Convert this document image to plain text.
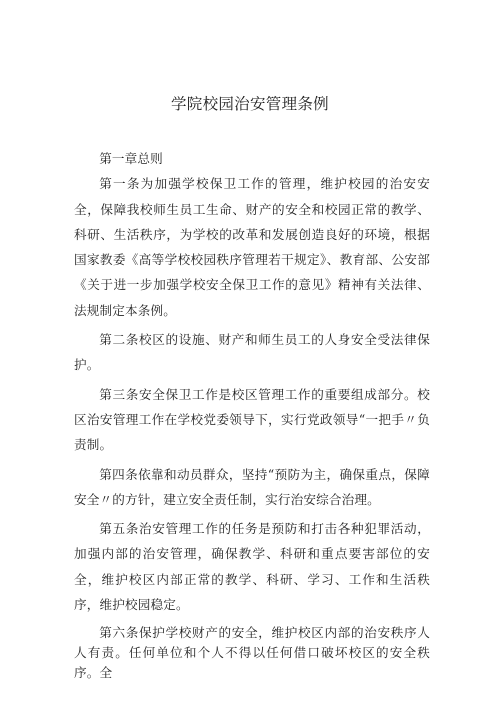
学院校园治安管理条例

第一章总则

第一条为加强学校保卫工作的管理，维护校园的治安安全，保障我校师生员工生命、财产的安全和校园正常的教学、科研、生活秩序，为学校的改革和发展创造良好的环境，根据国家教委《高等学校校园秩序管理若干规定》、教育部、公安部《关于进一步加强学校安全保卫工作的意见》精神有关法律、法规制定本条例。

第二条校区的设施、财产和师生员工的人身安全受法律保护。

第三条安全保卫工作是校区管理工作的重要组成部分。校区治安管理工作在学校党委领导下，实行党政领导“一把手〃负责制。

第四条依靠和动员群众，坚持“预防为主，确保重点，保障安全〃的方针，建立安全责任制，实行治安综合治理。

第五条治安管理工作的任务是预防和打击各种犯罪活动，加强内部的治安管理，确保教学、科研和重点要害部位的安全，维护校区内部正常的教学、科研、学习、工作和生活秩序，维护校园稳定。

第六条保护学校财产的安全，维护校区内部的治安秩序人人有责。任何单位和个人不得以任何借口破坏校区的安全秩序。全
